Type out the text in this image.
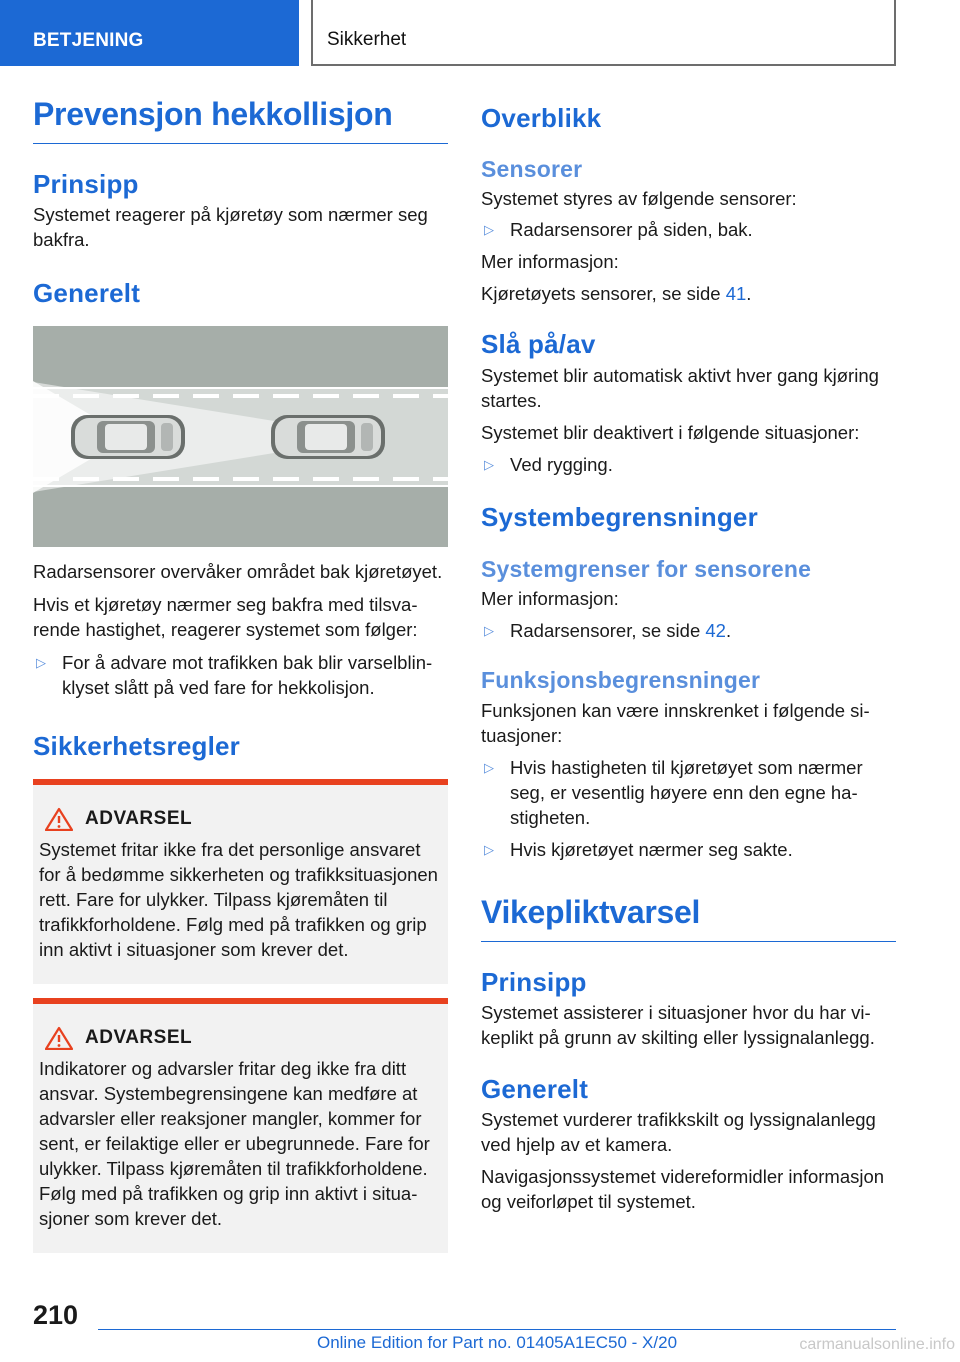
BETJENING	Sikkerhet
Prevensjon hekkollisjon
Prinsipp

Systemet reagerer på kjøretøy som nærmer seg bakfra.

Generelt

Radarsensorer overvåker området bak kjøretøyet.

Hvis et kjøretøy nærmer seg bakfra med tilsvarende hastighet, reagerer systemet som følger:

▷ For å advare mot trafikken bak blir varselblinklyset slått på ved fare for hekkolisjon.
Sikkerhetsregler
ADVARSEL

Systemet fritar ikke fra det personlige ansvaret for å bedømme sikkerheten og trafikksituasjonen rett. Fare for ulykker. Tilpass kjøremåten til trafikkforholdene. Følg med på trafikken og grip inn aktivt i situasjoner som krever det.

ADVARSEL

Indikatorer og advarsler fritar deg ikke fra ditt ansvar. Systembegrensingene kan medføre at advarsler eller reaksjoner mangler, kommer for sent, er feilaktige eller er ubegrunnede. Fare for ulykker. Tilpass kjøremåten til trafikkforholdene. Følg med på trafikken og grip inn aktivt i situasjoner som krever det.

Overblikk
Sensorer

Systemet styres av følgende sensorer:

▷ Radarsensorer på siden, bak.

Mer informasjon:

Kjøretøyets sensorer, se side 41.

Slå på/av

Systemet blir automatisk aktivt hver gang kjøring startes.

Systemet blir deaktivert i følgende situasjoner:

▷ Ved rygging.
Systembegrensninger
Systemgrenser for sensorene

Mer informasjon:

▷ Radarsensorer, se side 42.
Funksjonsbegrensninger

Funksjonen kan være innskrenket i følgende situasjoner:

▷ Hvis hastigheten til kjøretøyet som nærmer seg, er vesentlig høyere enn den egne hastigheten.
▷ Hvis kjøretøyet nærmer seg sakte.
Vikepliktvarsel
Prinsipp

Systemet assisterer i situasjoner hvor du har vikeplikt på grunn av skilting eller lyssignalanlegg.

Generelt

Systemet vurderer trafikkskilt og lyssignalanlegg ved hjelp av et kamera.

Navigasjonssystemet videreformidler informasjon og veiforløpet til systemet.

210
Online Edition for Part no. 01405A1EC50 - X/20	carmanualsonline.info
